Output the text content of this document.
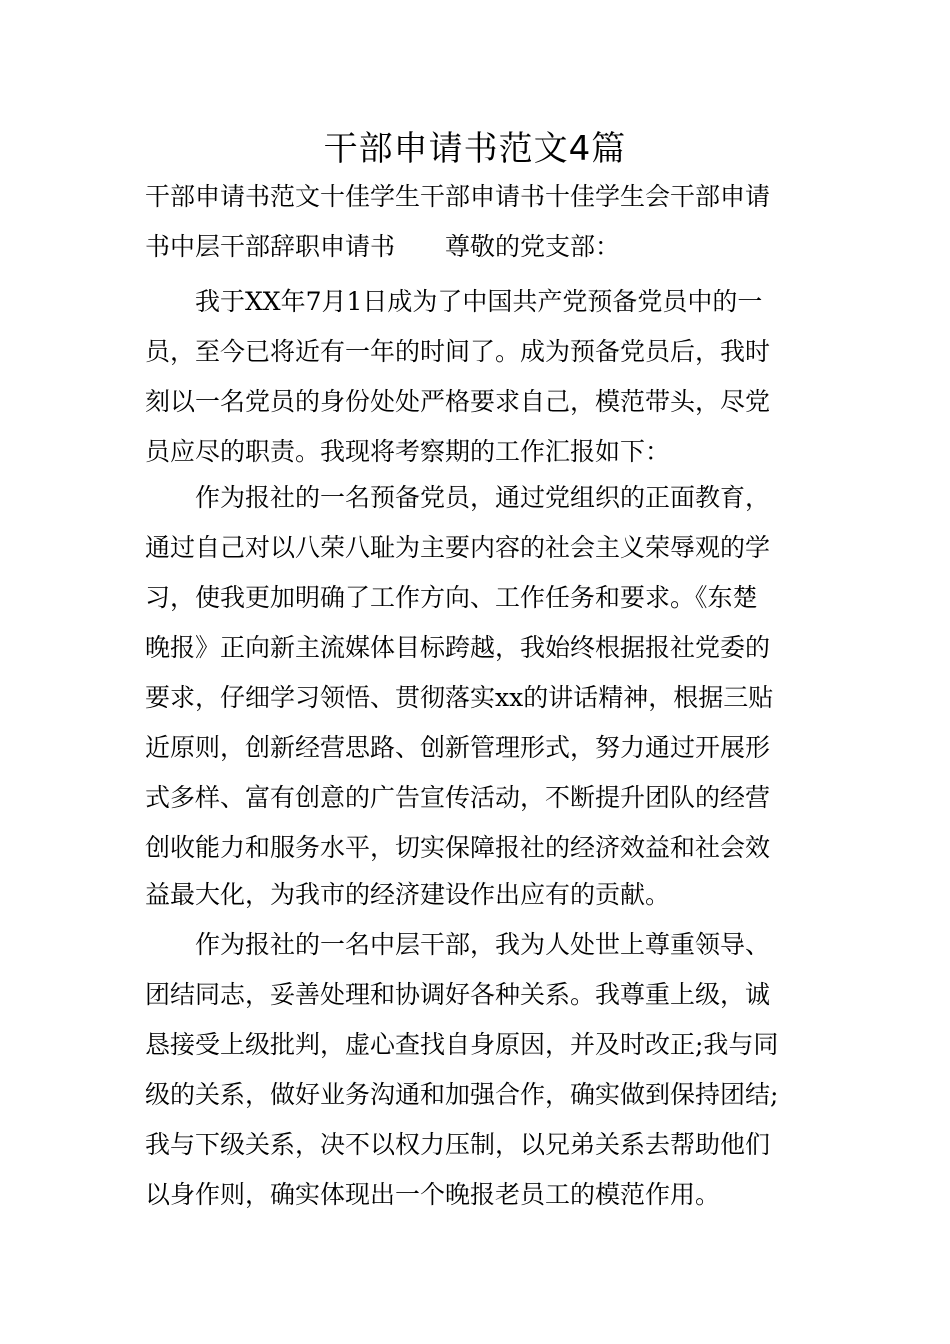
干部申请书范文4篇
干部申请书范文十佳学生干部申请书十佳学生会干部申请
书中层干部辞职申请书　　尊敬的党支部：
我于XX年7月1日成为了中国共产党预备党员中的一
员，至今已将近有一年的时间了。成为预备党员后，我时
刻以一名党员的身份处处严格要求自己，模范带头，尽党
员应尽的职责。我现将考察期的工作汇报如下：
作为报社的一名预备党员，通过党组织的正面教育，
通过自己对以八荣八耻为主要内容的社会主义荣辱观的学
习，使我更加明确了工作方向、工作任务和要求。《东楚
晚报》正向新主流媒体目标跨越，我始终根据报社党委的
要求，仔细学习领悟、贯彻落实xx的讲话精神，根据三贴
近原则，创新经营思路、创新管理形式，努力通过开展形
式多样、富有创意的广告宣传活动，不断提升团队的经营
创收能力和服务水平，切实保障报社的经济效益和社会效
益最大化，为我市的经济建设作出应有的贡献。
作为报社的一名中层干部，我为人处世上尊重领导、
团结同志，妥善处理和协调好各种关系。我尊重上级，诚
恳接受上级批判，虚心查找自身原因，并及时改正;我与同
级的关系，做好业务沟通和加强合作，确实做到保持团结;
我与下级关系，决不以权力压制，以兄弟关系去帮助他们
以身作则，确实体现出一个晚报老员工的模范作用。
